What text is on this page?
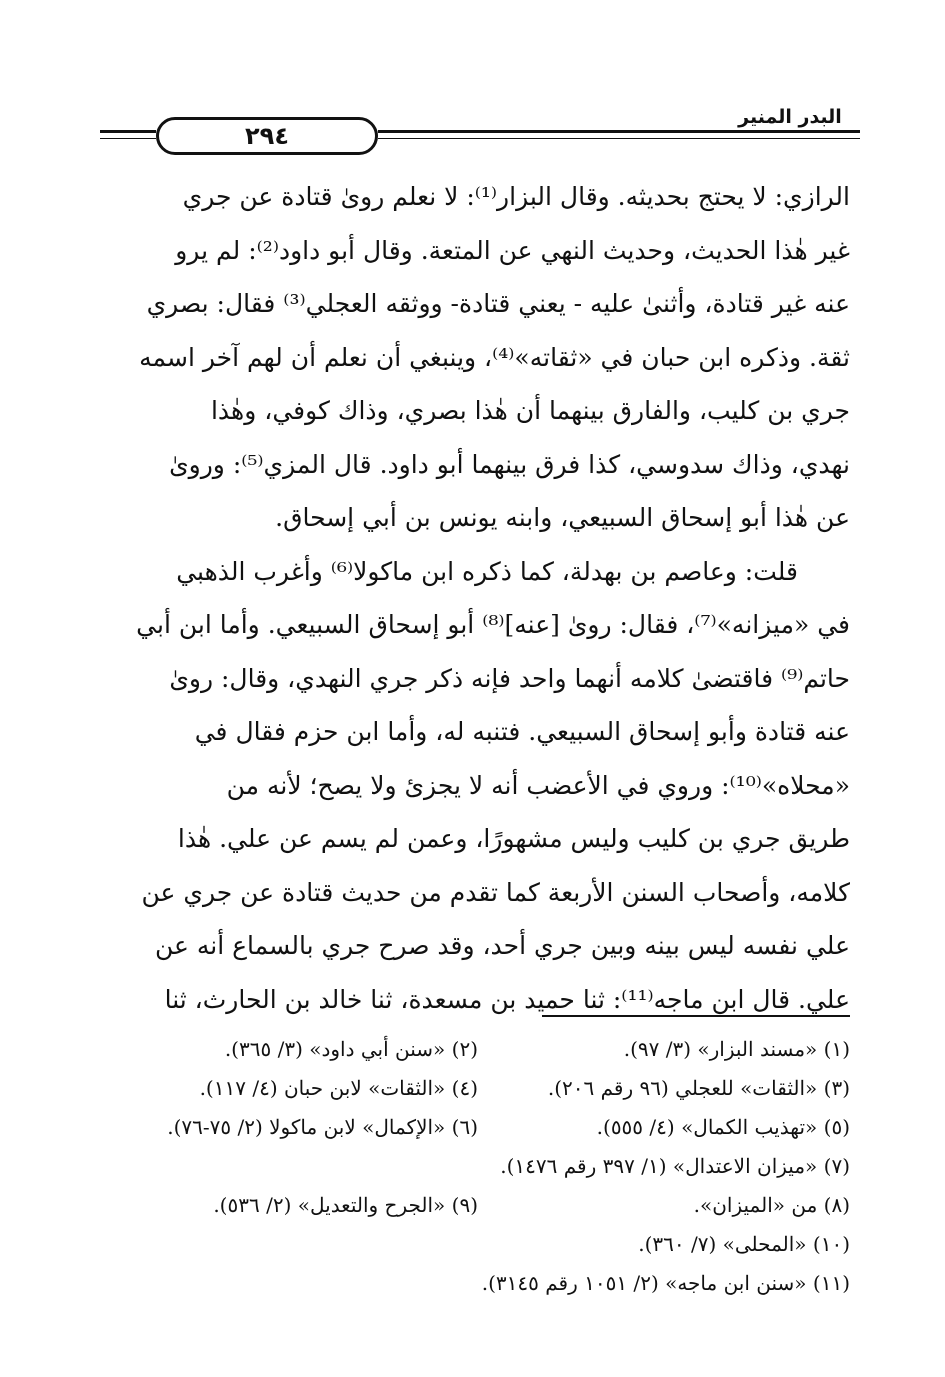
البدر المنير
٢٩٤
الرازي: لا يحتج بحديثه. وقال البزار⁽¹⁾: لا نعلم روىٰ قتادة عن جري
غير هٰذا الحديث، وحديث النهي عن المتعة. وقال أبو داود⁽²⁾: لم يرو
عنه غير قتادة، وأثنىٰ عليه - يعني قتادة- ووثقه العجلي⁽³⁾ فقال: بصري
ثقة. وذكره ابن حبان في «ثقاته»⁽⁴⁾، وينبغي أن نعلم أن لهم آخر اسمه
جري بن كليب، والفارق بينهما أن هٰذا بصري، وذاك كوفي، وهٰذا
نهدي، وذاك سدوسي، كذا فرق بينهما أبو داود. قال المزي⁽⁵⁾: وروىٰ
عن هٰذا أبو إسحاق السبيعي، وابنه يونس بن أبي إسحاق.
قلت: وعاصم بن بهدلة، كما ذكره ابن ماكولا⁽⁶⁾ وأغرب الذهبي
في «ميزانه»⁽⁷⁾، فقال: روىٰ [عنه]⁽⁸⁾ أبو إسحاق السبيعي. وأما ابن أبي
حاتم⁽⁹⁾ فاقتضىٰ كلامه أنهما واحد فإنه ذكر جري النهدي، وقال: روىٰ
عنه قتادة وأبو إسحاق السبيعي. فتنبه له، وأما ابن حزم فقال في
«محلاه»⁽¹⁰⁾: وروي في الأعضب أنه لا يجزئ ولا يصح؛ لأنه من
طريق جري بن كليب وليس مشهورًا، وعمن لم يسم عن علي. هٰذا
كلامه، وأصحاب السنن الأربعة كما تقدم من حديث قتادة عن جري عن
علي نفسه ليس بينه وبين جري أحد، وقد صرح جري بالسماع أنه عن
علي. قال ابن ماجه⁽¹¹⁾: ثنا حميد بن مسعدة، ثنا خالد بن الحارث، ثنا
(١) «مسند البزار» (٣/ ٩٧).
(٢) «سنن أبي داود» (٣/ ٣٦٥).
(٣) «الثقات» للعجلي (٩٦ رقم ٢٠٦).
(٤) «الثقات» لابن حبان (٤/ ١١٧).
(٥) «تهذيب الكمال» (٤/ ٥٥٥).
(٦) «الإكمال» لابن ماكولا (٢/ ٧٥-٧٦).
(٧) «ميزان الاعتدال» (١/ ٣٩٧ رقم ١٤٧٦).
(٨) من «الميزان».
(٩) «الجرح والتعديل» (٢/ ٥٣٦).
(١٠) «المحلى» (٧/ ٣٦٠).
(١١) «سنن ابن ماجه» (٢/ ١٠٥١ رقم ٣١٤٥).
